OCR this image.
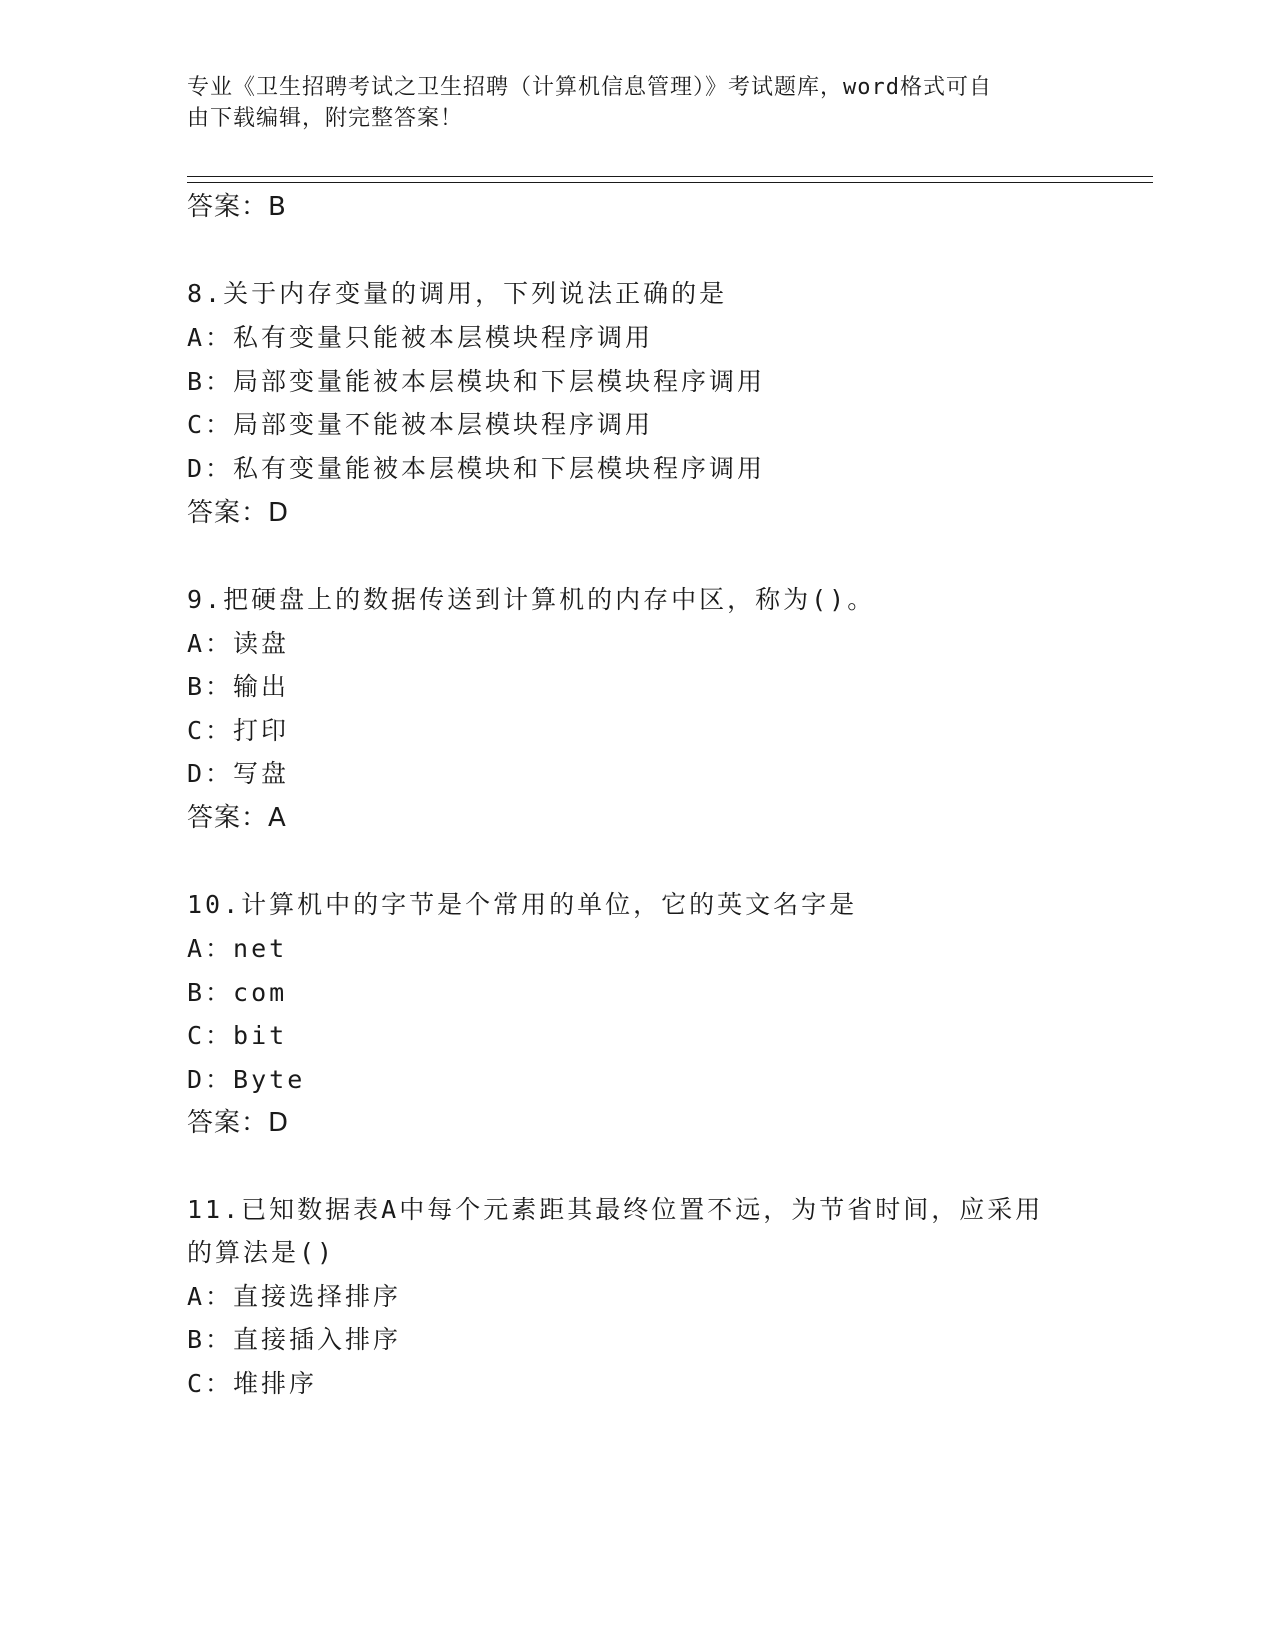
专业《卫生招聘考试之卫生招聘（计算机信息管理）》考试题库，word格式可自
由下载编辑，附完整答案！
答案：B
8.关于内存变量的调用，下列说法正确的是
A：私有变量只能被本层模块程序调用
B：局部变量能被本层模块和下层模块程序调用
C：局部变量不能被本层模块程序调用
D：私有变量能被本层模块和下层模块程序调用
答案：D
9.把硬盘上的数据传送到计算机的内存中区，称为()。
A：读盘
B：输出
C：打印
D：写盘
答案：A
10.计算机中的字节是个常用的单位，它的英文名字是
A：net
B：com
C：bit
D：Byte
答案：D
11.已知数据表A中每个元素距其最终位置不远，为节省时间，应采用
的算法是()
A：直接选择排序
B：直接插入排序
C：堆排序
